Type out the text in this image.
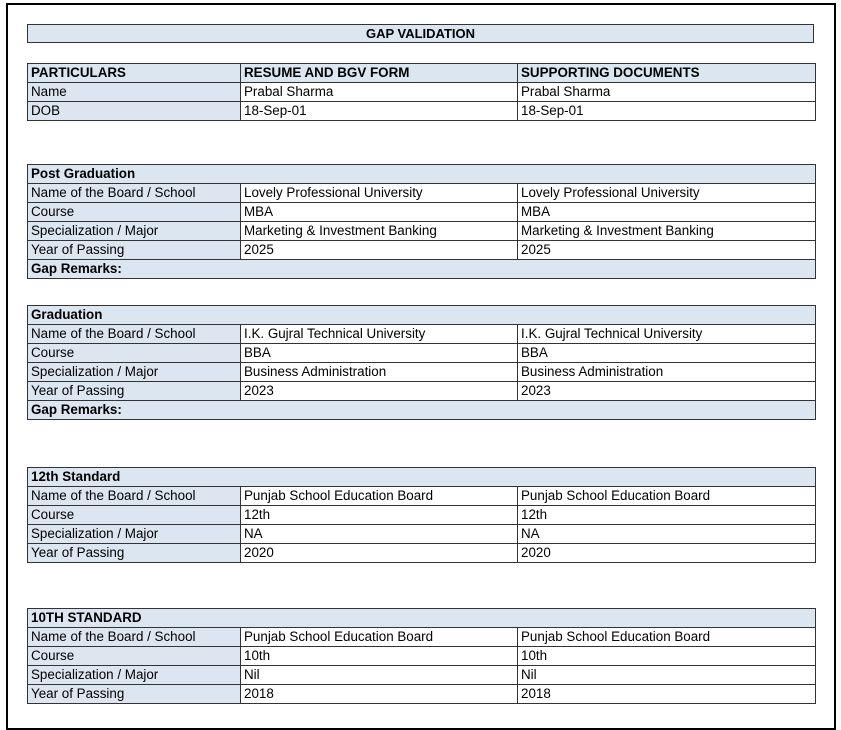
GAP VALIDATION
PARTICULARS	RESUME AND BGV FORM	SUPPORTING DOCUMENTS
Name	Prabal Sharma	Prabal Sharma
DOB	18-Sep-01	18-Sep-01
Post Graduation		
Name of the Board / School	Lovely Professional University	Lovely Professional University
Course	MBA	MBA
Specialization / Major	Marketing & Investment Banking	Marketing & Investment Banking
Year of Passing	2025	2025
Gap Remarks:		
Graduation		
Name of the Board / School	I.K. Gujral Technical University	I.K. Gujral Technical University
Course	BBA	BBA
Specialization / Major	Business Administration	Business Administration
Year of Passing	2023	2023
Gap Remarks:		
12th Standard		
Name of the Board / School	Punjab School Education Board	Punjab School Education Board
Course	12th	12th
Specialization / Major	NA	NA
Year of Passing	2020	2020
10TH STANDARD		
Name of the Board / School	Punjab School Education Board	Punjab School Education Board
Course	10th	10th
Specialization / Major	Nil	Nil
Year of Passing	2018	2018
